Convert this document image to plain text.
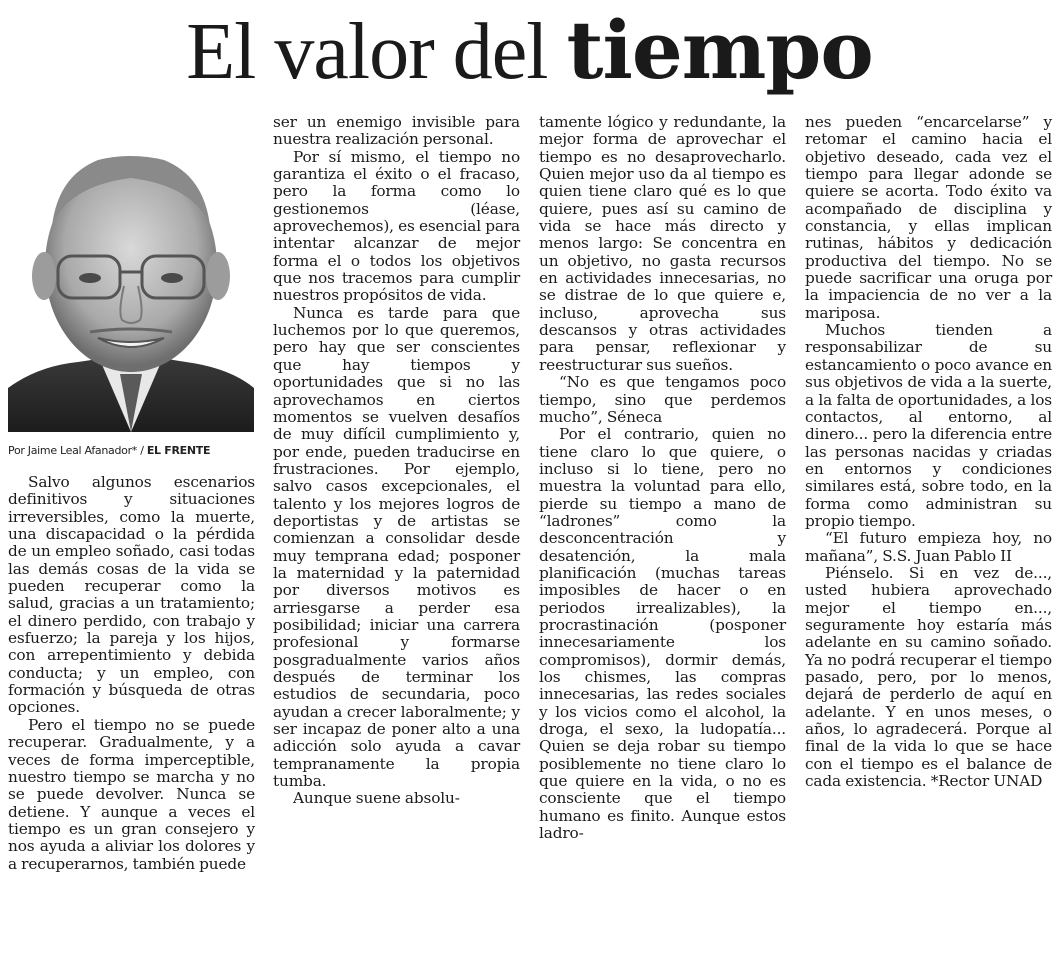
El valor del tiempo
Por Jaime Leal Afanador* / EL FRENTE

Salvo algunos escenarios definitivos y situaciones irreversibles, como la muerte, una discapacidad o la pérdida de un empleo soñado, casi todas las demás cosas de la vida se pueden recuperar como la salud, gracias a un tratamiento; el dinero perdido, con trabajo y esfuerzo; la pareja y los hijos, con arrepentimiento y debida conducta; y un empleo, con formación y búsqueda de otras opciones.

Pero el tiempo no se puede recuperar. Gradualmente, y a veces de forma imperceptible, nuestro tiempo se marcha y no se puede devolver. Nunca se detiene. Y aunque a veces el tiempo es un gran consejero y nos ayuda a aliviar los dolores y a recuperarnos, también puede

ser un enemigo invisible para nuestra realización personal.

Por sí mismo, el tiempo no garantiza el éxito o el fracaso, pero la forma como lo gestionemos (léase, aprovechemos), es esencial para intentar alcanzar de mejor forma el o todos los objetivos que nos tracemos para cumplir nuestros propósitos de vida.

Nunca es tarde para que luchemos por lo que queremos, pero hay que ser conscientes que hay tiempos y oportunidades que si no las aprovechamos en ciertos momentos se vuelven desafíos de muy difícil cumplimiento y, por ende, pueden traducirse en frustraciones. Por ejemplo, salvo casos excepcionales, el talento y los mejores logros de deportistas y de artistas se comienzan a consolidar desde muy temprana edad; posponer la maternidad y la paternidad por diversos motivos es arriesgarse a perder esa posibilidad; iniciar una carrera profesional y formarse posgradualmente varios años después de terminar los estudios de secundaria, poco ayudan a crecer laboralmente; y ser incapaz de poner alto a una adicción solo ayuda a cavar tempranamente la propia tumba.

Aunque suene absolu-

tamente lógico y redundante, la mejor forma de aprovechar el tiempo es no desaprovecharlo. Quien mejor uso da al tiempo es quien tiene claro qué es lo que quiere, pues así su camino de vida se hace más directo y menos largo: Se concentra en un objetivo, no gasta recursos en actividades innecesarias, no se distrae de lo que quiere e, incluso, aprovecha sus descansos y otras actividades para pensar, reflexionar y reestructurar sus sueños.

“No es que tengamos poco tiempo, sino que perdemos mucho”, Séneca

Por el contrario, quien no tiene claro lo que quiere, o incluso si lo tiene, pero no muestra la voluntad para ello, pierde su tiempo a mano de “ladrones” como la desconcentración y desatención, la mala planificación (muchas tareas imposibles de hacer o en periodos irrealizables), la procrastinación (posponer innecesariamente los compromisos), dormir demás, los chismes, las compras innecesarias, las redes sociales y los vicios como el alcohol, la droga, el sexo, la ludopatía... Quien se deja robar su tiempo posiblemente no tiene claro lo que quiere en la vida, o no es consciente que el tiempo humano es finito. Aunque estos ladro-

nes pueden “encarcelarse” y retomar el camino hacia el objetivo deseado, cada vez el tiempo para llegar adonde se quiere se acorta. Todo éxito va acompañado de disciplina y constancia, y ellas implican rutinas, hábitos y dedicación productiva del tiempo. No se puede sacrificar una oruga por la impaciencia de no ver a la mariposa.

Muchos tienden a responsabilizar de su estancamiento o poco avance en sus objetivos de vida a la suerte, a la falta de oportunidades, a los contactos, al entorno, al dinero... pero la diferencia entre las personas nacidas y criadas en entornos y condiciones similares está, sobre todo, en la forma como administran su propio tiempo.

“El futuro empieza hoy, no mañana”, S.S. Juan Pablo II

Piénselo. Si en vez de..., usted hubiera aprovechado mejor el tiempo en..., seguramente hoy estaría más adelante en su camino soñado. Ya no podrá recuperar el tiempo pasado, pero, por lo menos, dejará de perderlo de aquí en adelante. Y en unos meses, o años, lo agradecerá. Porque al final de la vida lo que se hace con el tiempo es el balance de cada existencia. *Rector UNAD
